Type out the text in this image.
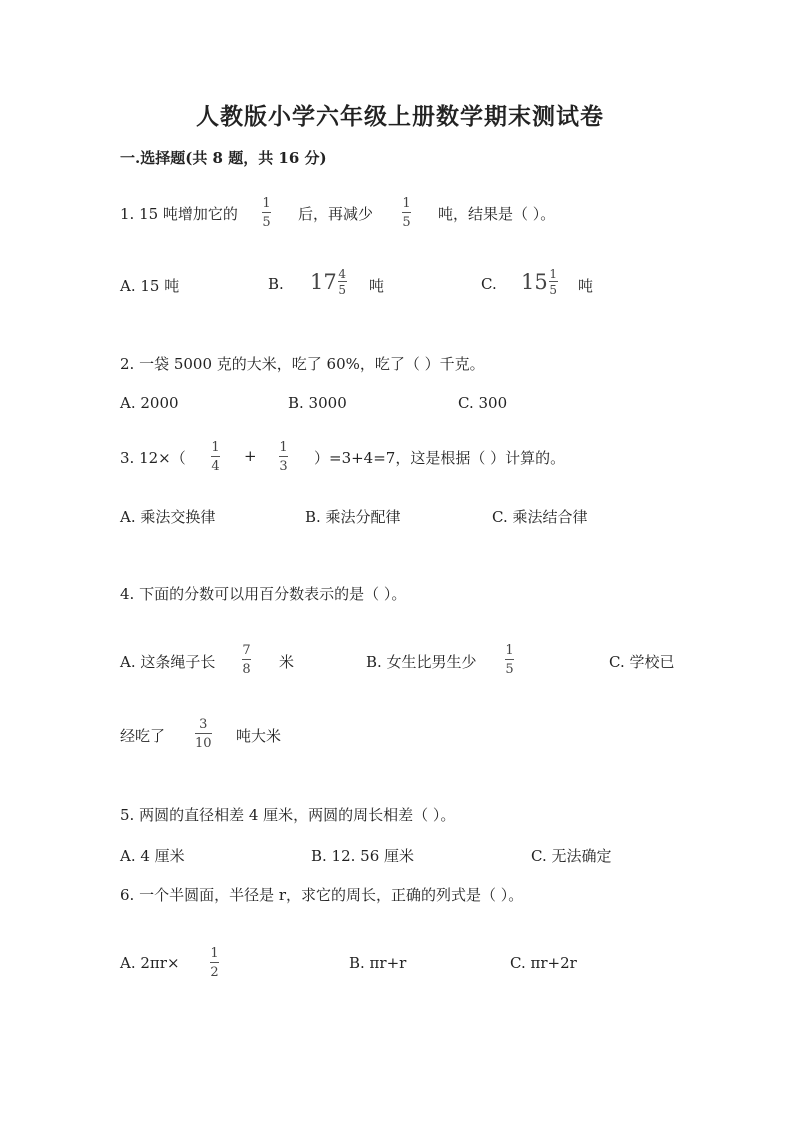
人教版小学六年级上册数学期末测试卷
一.选择题(共 8 题，共 16 分)
1. 15 吨增加它的
1
5 后，再减少
1
5 吨，结果是（ ）。
A. 15 吨	B. $17 \frac{4}{5}$ 吨	C. $15 \frac{1}{5}$ 吨
2. 一袋 5000 克的大米，吃了 60%，吃了（ ）千克。
A. 2000	B. 3000	C. 300
3. 12×（
1
4
+ 1
3 ）=3+4=7，这是根据（ ）计算的。
A. 乘法交换律	B. 乘法分配律	C. 乘法结合律
4. 下面的分数可以用百分数表示的是（ ）。
A. 这条绳子长
7
8 米	B. 女生比男生少
1
5	C. 学校已
经吃了
3
10 吨大米
5. 两圆的直径相差 4 厘米，两圆的周长相差（ ）。
A. 4 厘米	B. 12. 56 厘米	C. 无法确定
6. 一个半圆面，半径是 r，求它的周长，正确的列式是（ ）。
A. 2πr×
1
2
B. πr+r	C. πr+2r
